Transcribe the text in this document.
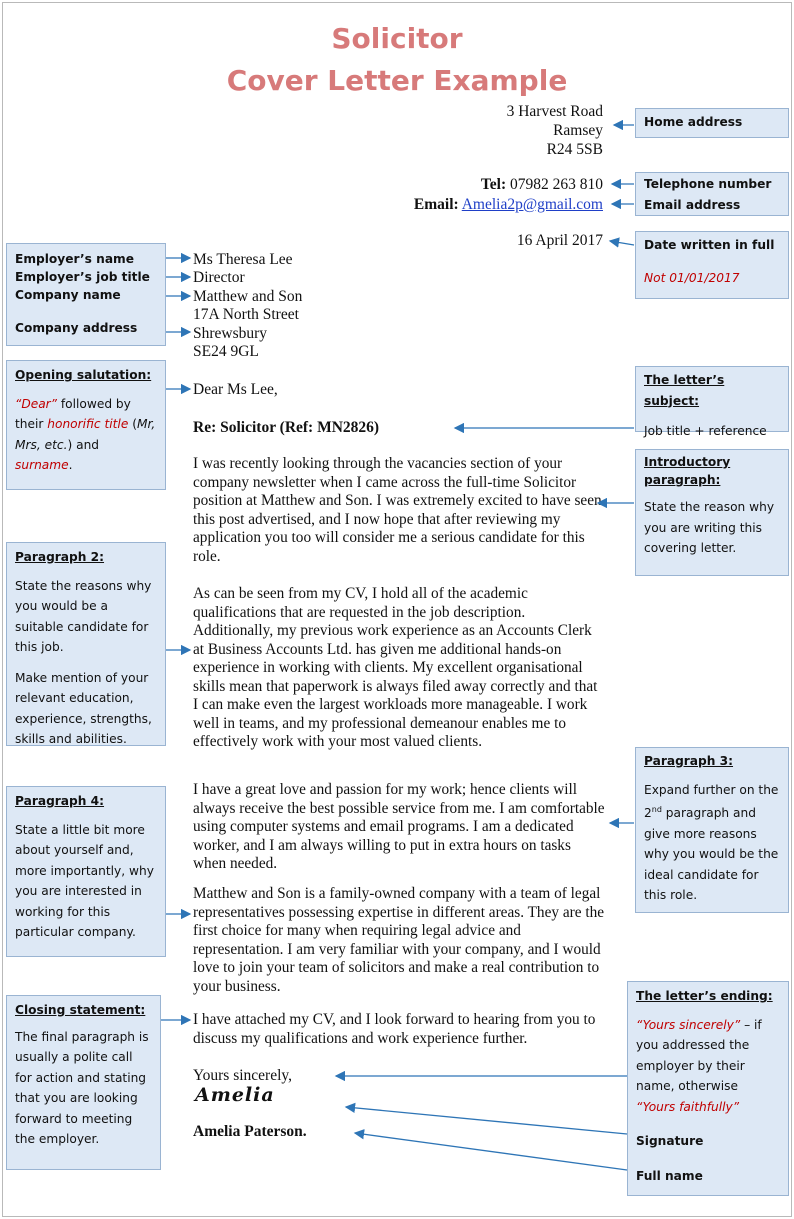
Solicitor
Cover Letter Example
3 Harvest Road
Ramsey
R24 5SB
Tel: 07982 263 810
Email: Amelia2p@gmail.com
16 April 2017
Ms Theresa Lee
Director
Matthew and Son
17A North Street
Shrewsbury
SE24 9GL
Dear Ms Lee,
Re: Solicitor (Ref: MN2826)
I was recently looking through the vacancies section of your company newsletter when I came across the full-time Solicitor position at Matthew and Son. I was extremely excited to have seen this post advertised, and I now hope that after reviewing my application you too will consider me a serious candidate for this role.
As can be seen from my CV, I hold all of the academic qualifications that are requested in the job description. Additionally, my previous work experience as an Accounts Clerk at Business Accounts Ltd. has given me additional hands-on experience in working with clients. My excellent organisational skills mean that paperwork is always filed away correctly and that I can make even the largest workloads more manageable. I work well in teams, and my professional demeanour enables me to effectively work with your most valued clients.
I have a great love and passion for my work; hence clients will always receive the best possible service from me. I am comfortable using computer systems and email programs. I am a dedicated worker, and I am always willing to put in extra hours on tasks when needed.
Matthew and Son is a family-owned company with a team of legal representatives possessing expertise in different areas. They are the first choice for many when requiring legal advice and representation. I am very familiar with your company, and I would love to join your team of solicitors and make a real contribution to your business.
I have attached my CV, and I look forward to hearing from you to discuss my qualifications and work experience further.
Yours sincerely,
Amelia
Amelia Paterson.
Home address
Telephone number
Email address
Date written in full
Not 01/01/2017
The letter’s subject:
Job title + reference
Introductory paragraph:
State the reason why you are writing this covering letter.
Paragraph 3:
Expand further on the 2nd paragraph and give more reasons why you would be the ideal candidate for this role.
The letter’s ending:
“Yours sincerely” – if you addressed the employer by their name, otherwise “Yours faithfully”
Signature
Full name
Employer’s name
Employer’s job title
Company name
Company address
Opening salutation:
“Dear” followed by their honorific title (Mr, Mrs, etc.) and surname.
Paragraph 2:
State the reasons why you would be a suitable candidate for this job.
Make mention of your relevant education, experience, strengths, skills and abilities.
Paragraph 4:
State a little bit more about yourself and, more importantly, why you are interested in working for this particular company.
Closing statement:
The final paragraph is usually a polite call for action and stating that you are looking forward to meeting the employer.
